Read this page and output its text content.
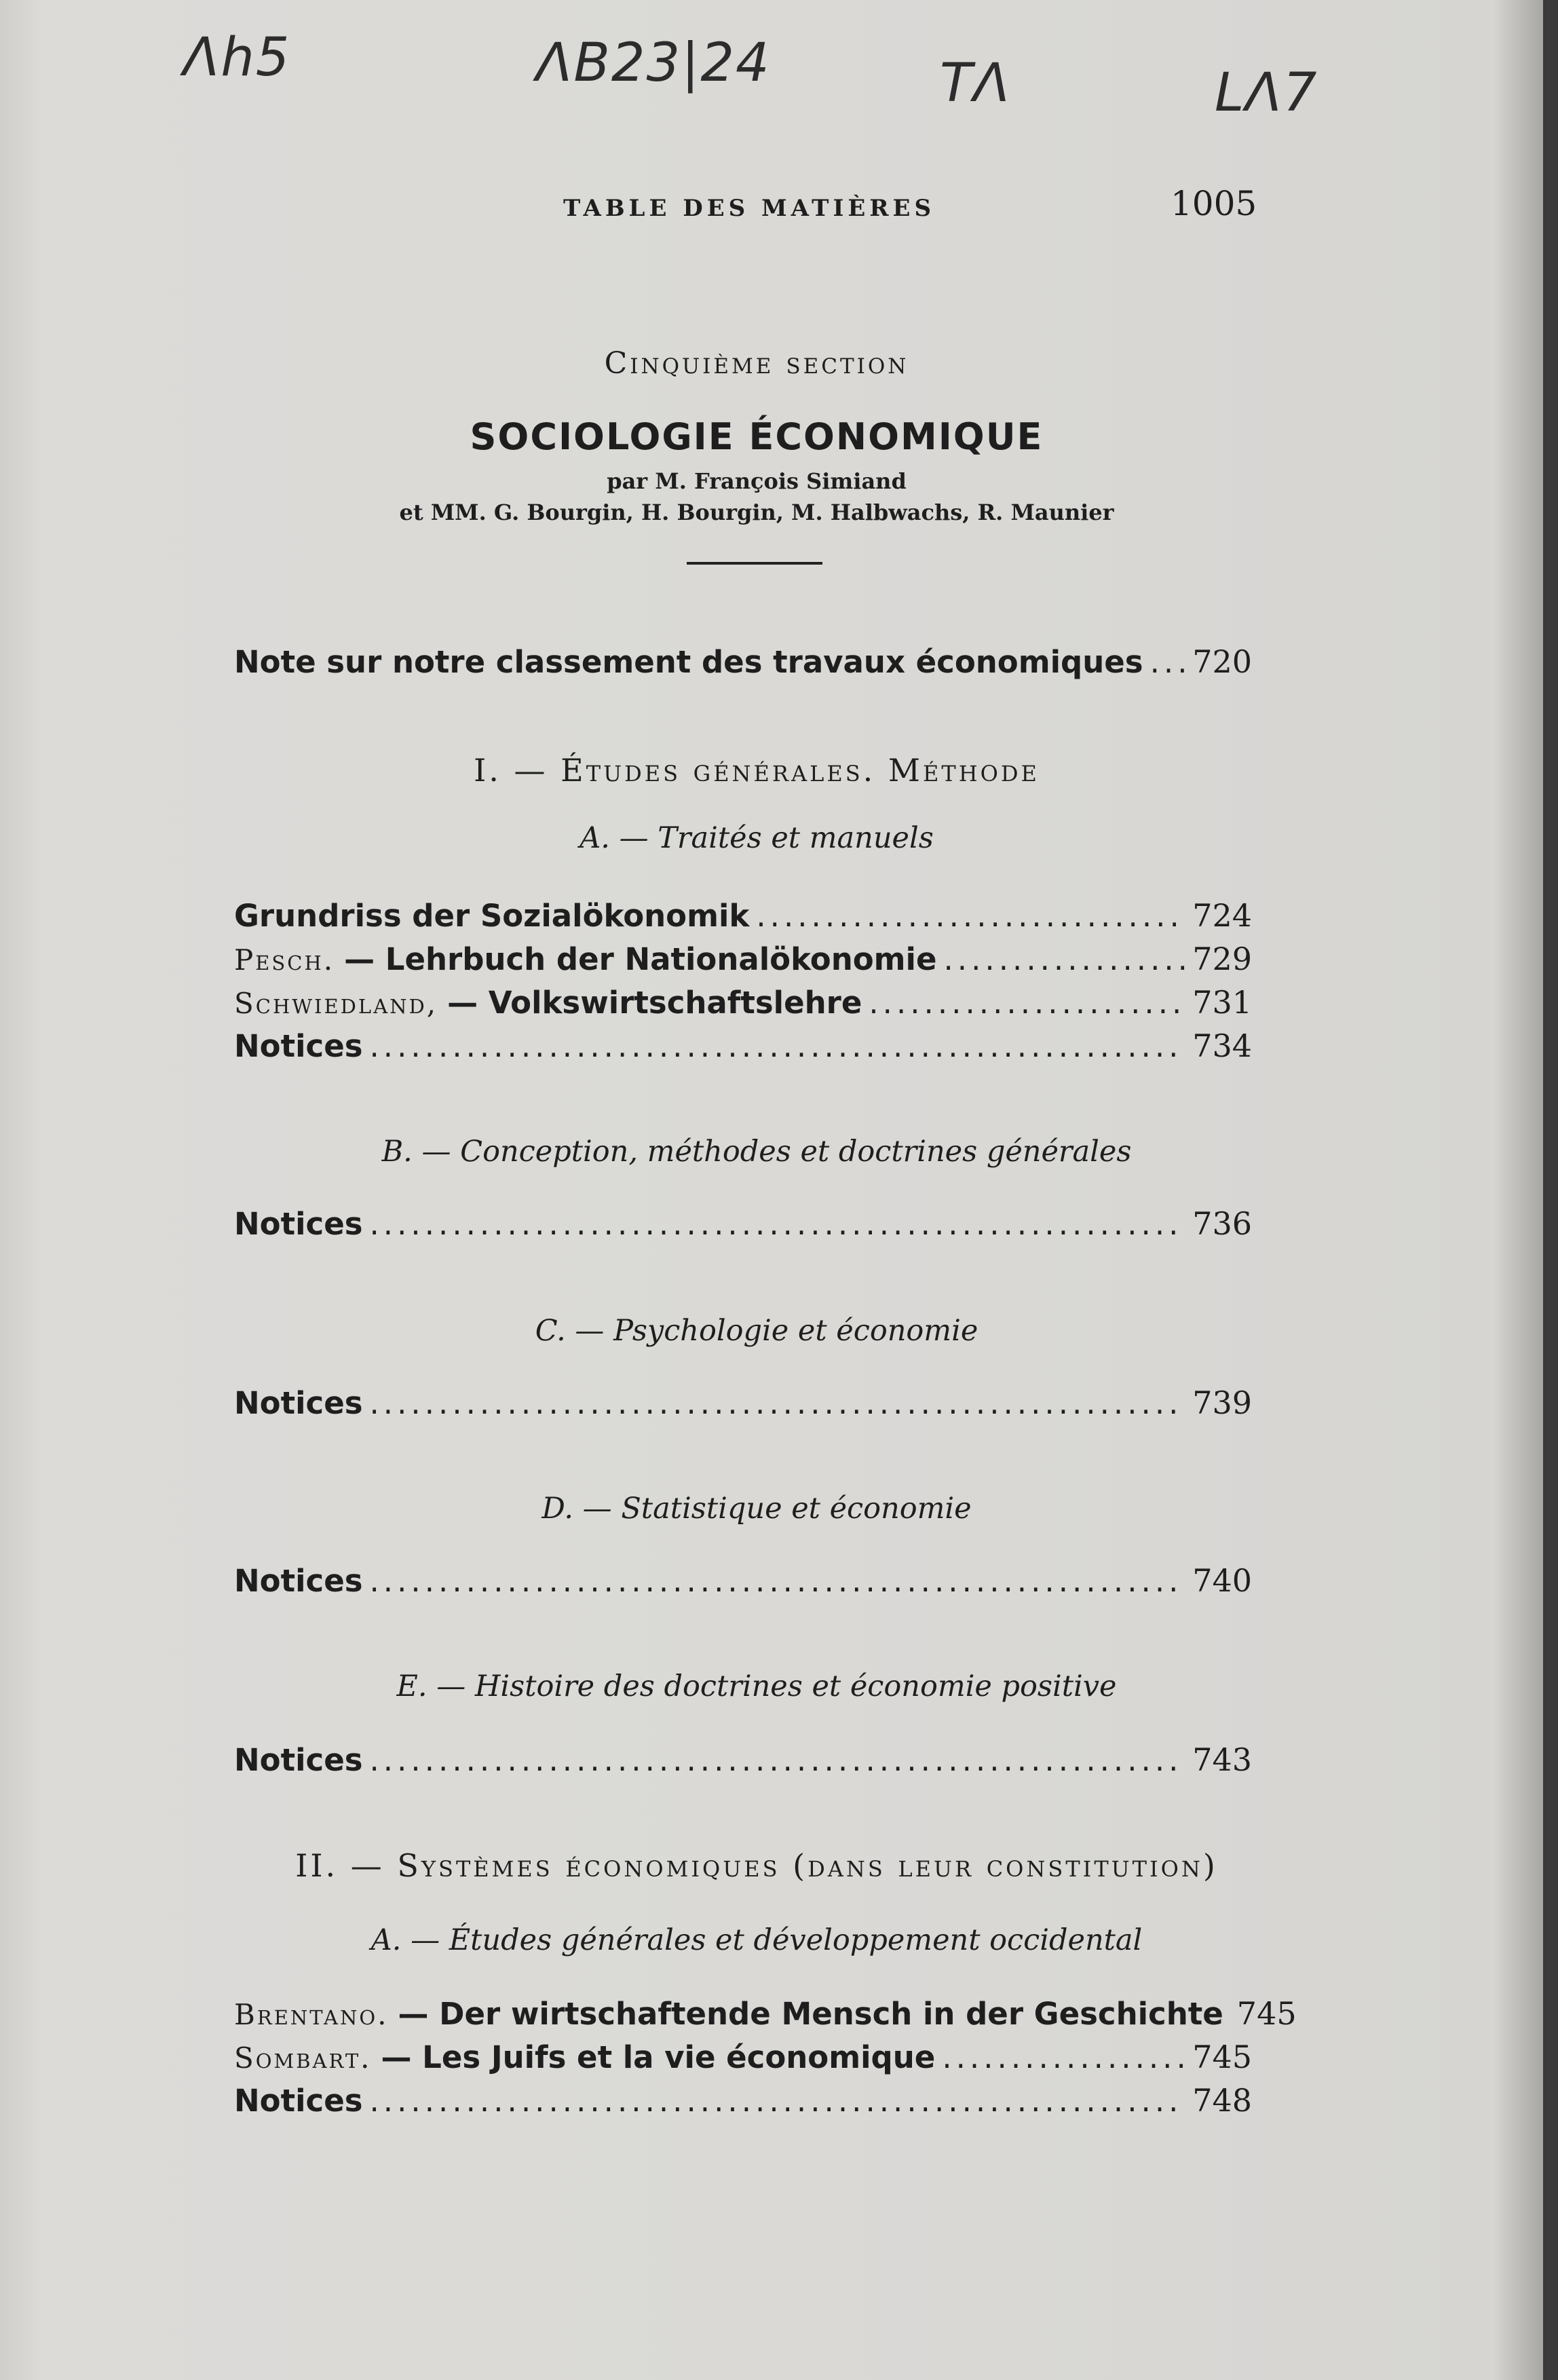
Λh5	ΛΒ23|24	TΛ	LΛ7
TABLE DES MATIÈRES	1005
Cinquième section
SOCIOLOGIE ÉCONOMIQUE
par M. François Simiand
et MM. G. Bourgin, H. Bourgin, M. Halbwachs, R. Maunier
Note sur notre classement des travaux économiques ..... 720
I. — Études générales. Méthode
A. — Traités et manuels
Grundriss der Sozialökonomik .....	724
Pesch. — Lehrbuch der Nationalökonomie .....	729
Schwiedland, — Volkswirtschaftslehre .....	731
Notices .....	734
B. — Conception, méthodes et doctrines générales
Notices .....	736
C. — Psychologie et économie
Notices .....	739
D. — Statistique et économie
Notices .....	740
E. — Histoire des doctrines et économie positive
Notices .....	743
II. — Systèmes économiques (dans leur constitution)
A. — Études générales et développement occidental
Brentano. — Der wirtschaftende Mensch in der Geschichte 745
Sombart. — Les Juifs et la vie économique .....	745
Notices .....	748
